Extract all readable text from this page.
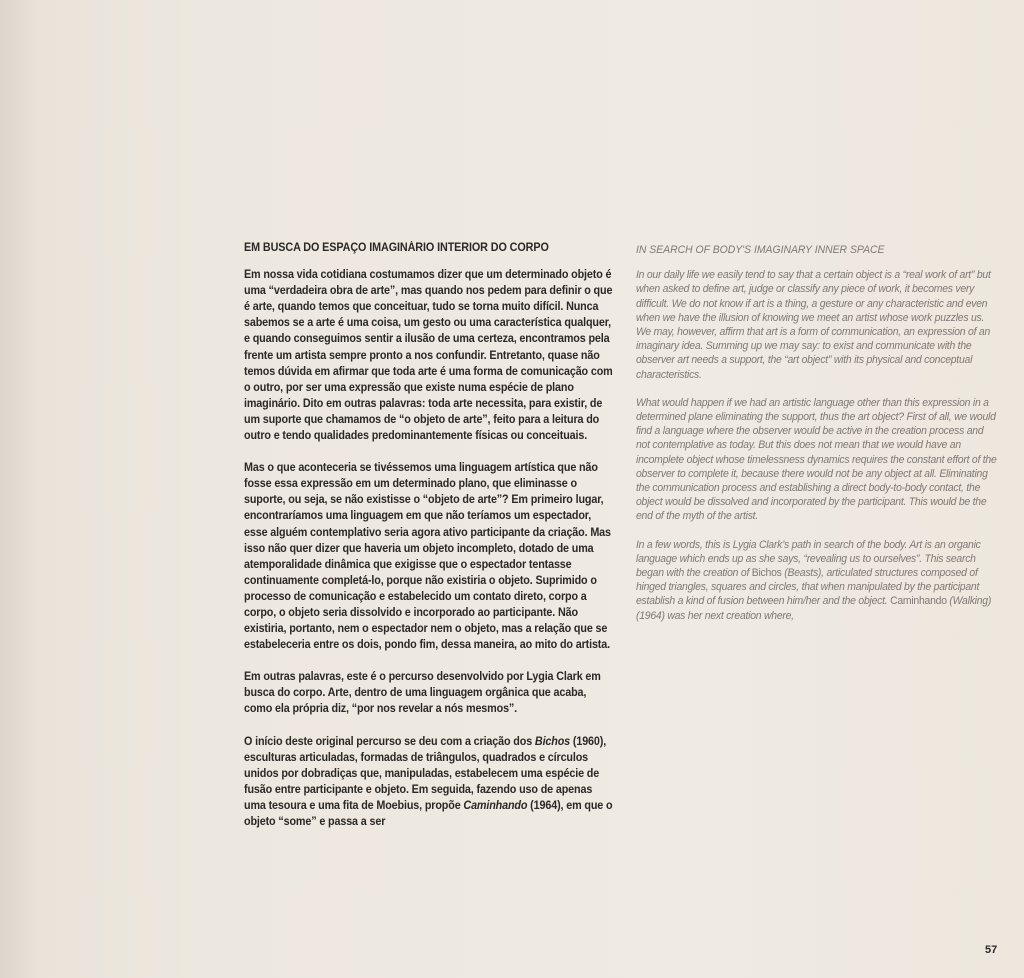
EM BUSCA DO ESPAÇO IMAGINÁRIO INTERIOR DO CORPO

Em nossa vida cotidiana costumamos dizer que um determinado objeto é uma “verdadeira obra de arte”, mas quando nos pedem para definir o que é arte, quando temos que conceituar, tudo se torna muito difícil. Nunca sabemos se a arte é uma coisa, um gesto ou uma característica qualquer, e quando conseguimos sentir a ilusão de uma certeza, encontramos pela frente um artista sempre pronto a nos confundir. Entretanto, quase não temos dúvida em afirmar que toda arte é uma forma de comunicação com o outro, por ser uma expressão que existe numa espécie de plano imaginário. Dito em outras palavras: toda arte necessita, para existir, de um suporte que chamamos de “o objeto de arte”, feito para a leitura do outro e tendo qualidades predominantemente físicas ou conceituais.

Mas o que aconteceria se tivéssemos uma linguagem artística que não fosse essa expressão em um determinado plano, que eliminasse o suporte, ou seja, se não existisse o “objeto de arte”? Em primeiro lugar, encontraríamos uma linguagem em que não teríamos um espectador, esse alguém contemplativo seria agora ativo participante da criação. Mas isso não quer dizer que haveria um objeto incompleto, dotado de uma atemporalidade dinâmica que exigisse que o espectador tentasse continuamente completá-lo, porque não existiria o objeto. Suprimido o processo de comunicação e estabelecido um contato direto, corpo a corpo, o objeto seria dissolvido e incorporado ao participante. Não existiria, portanto, nem o espectador nem o objeto, mas a relação que se estabeleceria entre os dois, pondo fim, dessa maneira, ao mito do artista.

Em outras palavras, este é o percurso desenvolvido por Lygia Clark em busca do corpo. Arte, dentro de uma linguagem orgânica que acaba, como ela própria diz, “por nos revelar a nós mesmos”.

O início deste original percurso se deu com a criação dos Bichos (1960), esculturas articuladas, formadas de triângulos, quadrados e círculos unidos por dobradiças que, manipuladas, estabelecem uma espécie de fusão entre participante e objeto. Em seguida, fazendo uso de apenas uma tesoura e uma fita de Moebius, propõe Caminhando (1964), em que o objeto “some” e passa a ser

IN SEARCH OF BODY'S IMAGINARY INNER SPACE

In our daily life we easily tend to say that a certain object is a “real work of art” but when asked to define art, judge or classify any piece of work, it becomes very difficult. We do not know if art is a thing, a gesture or any characteristic and even when we have the illusion of knowing we meet an artist whose work puzzles us. We may, however, affirm that art is a form of communication, an expression of an imaginary idea. Summing up we may say: to exist and communicate with the observer art needs a support, the “art object” with its physical and conceptual characteristics.

What would happen if we had an artistic language other than this expression in a determined plane eliminating the support, thus the art object? First of all, we would find a language where the observer would be active in the creation process and not contemplative as today. But this does not mean that we would have an incomplete object whose timelessness dynamics requires the constant effort of the observer to complete it, because there would not be any object at all. Eliminating the communication process and establishing a direct body-to-body contact, the object would be dissolved and incorporated by the participant. This would be the end of the myth of the artist.

In a few words, this is Lygia Clark’s path in search of the body. Art is an organic language which ends up as she says, “revealing us to ourselves”. This search began with the creation of Bichos (Beasts), articulated structures composed of hinged triangles, squares and circles, that when manipulated by the participant establish a kind of fusion between him/her and the object. Caminhando (Walking) (1964) was her next creation where,

57
